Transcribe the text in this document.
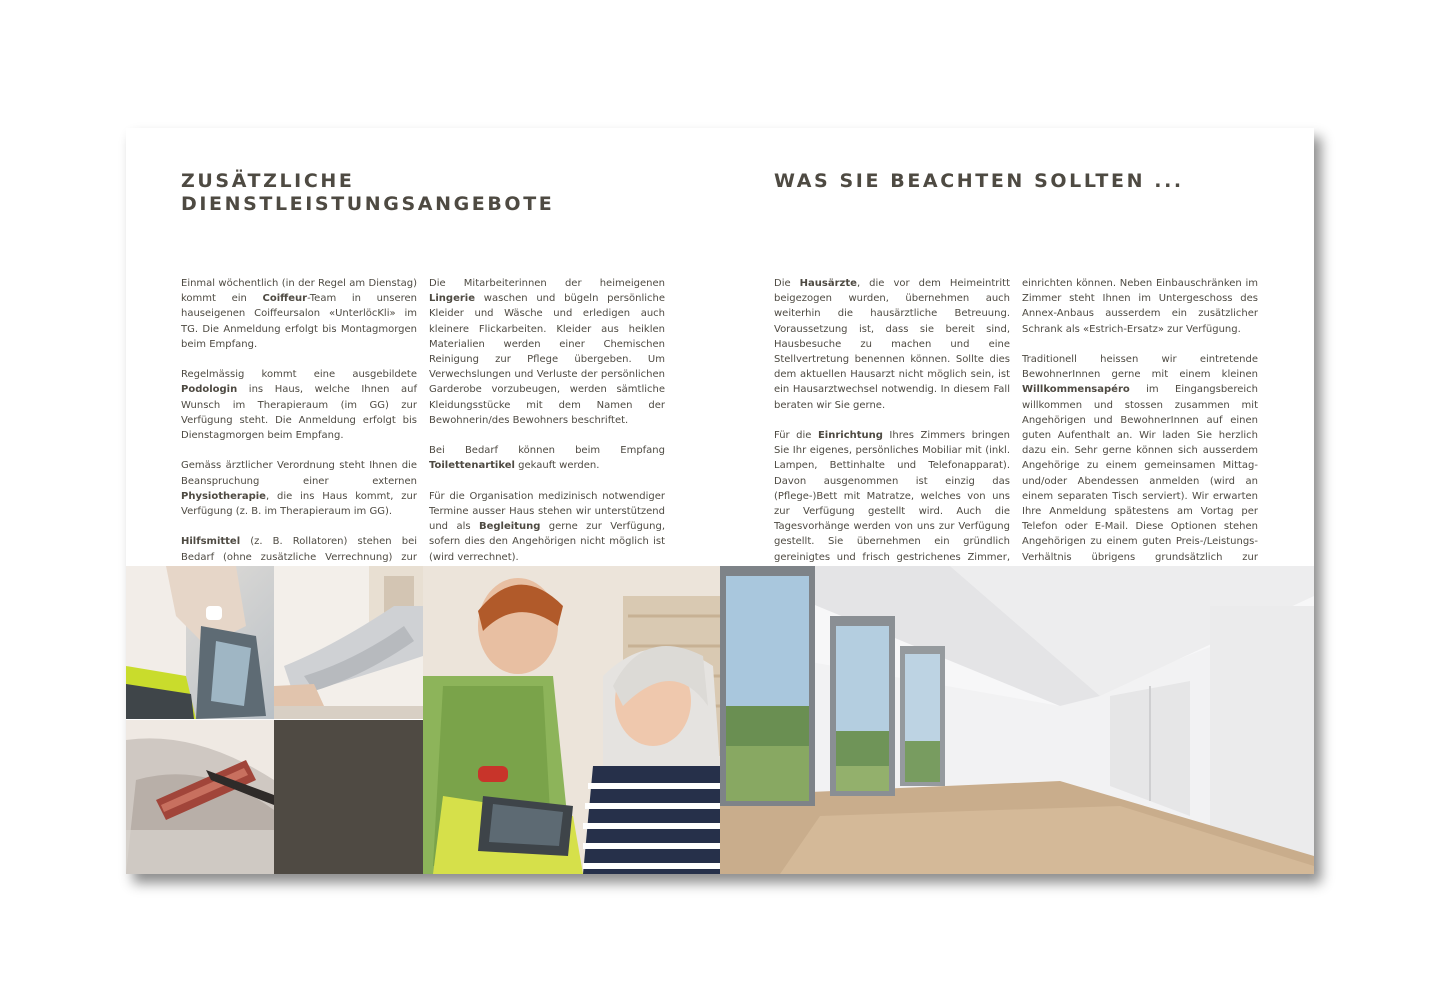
ZUSÄTZLICHE
DIENSTLEISTUNGSANGEBOTE
WAS SIE BEACHTEN SOLLTEN ...

Einmal wöchentlich (in der Regel am Dienstag) kommt ein Coiffeur-Team in unseren hauseigenen Coiffeursalon «UnterlöcKli» im TG. Die Anmeldung erfolgt bis Montagmorgen beim Empfang.

Regelmässig kommt eine ausgebildete Podologin ins Haus, welche Ihnen auf Wunsch im Therapieraum (im GG) zur Verfügung steht. Die Anmeldung erfolgt bis Dienstagmorgen beim Empfang.

Gemäss ärztlicher Verordnung steht Ihnen die Beanspruchung einer externen Physiotherapie, die ins Haus kommt, zur Verfügung (z. B. im Therapieraum im GG).

Hilfsmittel (z. B. Rollatoren) stehen bei Bedarf (ohne zusätzliche Verrechnung) zur

Die Mitarbeiterinnen der heimeigenen Lingerie waschen und bügeln persönliche Kleider und Wäsche und erledigen auch kleinere Flickarbeiten. Kleider aus heiklen Materialien werden einer Chemischen Reinigung zur Pflege übergeben. Um Verwechslungen und Verluste der persönlichen Garderobe vorzubeugen, werden sämtliche Kleidungsstücke mit dem Namen der Bewohnerin/des Bewohners beschriftet.

Bei Bedarf können beim Empfang Toilettenartikel gekauft werden.

Für die Organisation medizinisch notwendiger Termine ausser Haus stehen wir unterstützend und als Begleitung gerne zur Verfügung, sofern dies den Angehörigen nicht möglich ist (wird verrechnet).

Die Hausärzte, die vor dem Heimeintritt beigezogen wurden, übernehmen auch weiterhin die hausärztliche Betreuung. Voraussetzung ist, dass sie bereit sind, Hausbesuche zu machen und eine Stellvertretung benennen können. Sollte dies dem aktuellen Hausarzt nicht möglich sein, ist ein Hausarztwechsel notwendig. In diesem Fall beraten wir Sie gerne.

Für die Einrichtung Ihres Zimmers bringen Sie Ihr eigenes, persönliches Mobiliar mit (inkl. Lampen, Bettinhalte und Telefonapparat). Davon ausgenommen ist einzig das (Pflege-)Bett mit Matratze, welches von uns zur Verfügung gestellt wird. Auch die Tagesvorhänge werden von uns zur Verfügung gestellt. Sie übernehmen ein gründlich gereinigtes und frisch gestrichenes Zimmer,

einrichten können. Neben Einbauschränken im Zimmer steht Ihnen im Untergeschoss des Annex-Anbaus ausserdem ein zusätzlicher Schrank als «Estrich-Ersatz» zur Verfügung.

Traditionell heissen wir eintretende BewohnerInnen gerne mit einem kleinen Willkommensapéro im Eingangsbereich willkommen und stossen zusammen mit Angehörigen und BewohnerInnen auf einen guten Aufenthalt an. Wir laden Sie herzlich dazu ein. Sehr gerne können sich ausserdem Angehörige zu einem gemeinsamen Mittag- und/oder Abendessen anmelden (wird an einem separaten Tisch serviert). Wir erwarten Ihre Anmeldung spätestens am Vortag per Telefon oder E-Mail. Diese Optionen stehen Angehörigen zu einem guten Preis-/Leistungs-Verhältnis übrigens grundsätzlich zur
